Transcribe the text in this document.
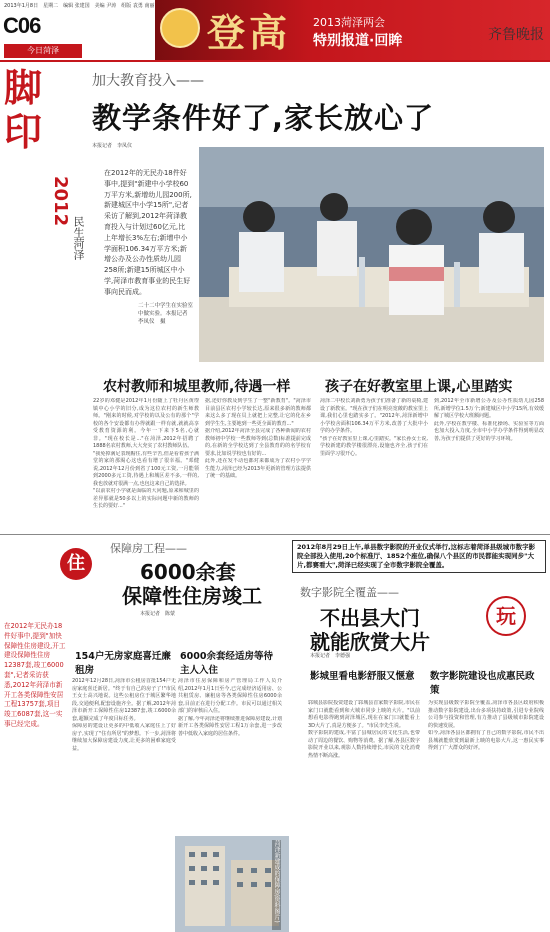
2013年1月8日　星期二　编辑 张建国　美编 尹涛　组版 袁勇 南丽
C06
今日菏泽	登高 2013菏泽两会
特别报道·回眸	齐鲁晚报
脚
印
2012
民生菏泽
加大教育投入——
教学条件好了,家长放心了
本报记者　李凤仪
在2012年的无民办18件好事中,提到"新建中小学校60万平方米,新增幼儿园200所,新建城区中小学15所",记者采访了解到,2012年菏泽教育投入与计划过60亿元,比上年增长3%左右;新增中小学面积106.34万平方米;新增公办及公办性质幼儿园258所;新建15所城区中小学,菏泽市教育事业的民生好事向民而成。
二十二中学生在实验室中做实验。本报记者　李凤仪　摄
农村教师和城里教师,待遇一样
22岁的邓健是2012年1月份随上了牡丹区黄堽镇中心小学的旧分,成为这位农村的新生师教师。"刚来的时候,对学校的以及公有的那个"学校的各个安设都有办得就跟一样有就,就就高享受教育资源的利。今年一下来下5名,心就非。"现在校长是..."在菏泽,2012年招聘了1888名农村教师,大大充实了农村教师队伍。
"我免掉满足表现帽住,有些辛苦,但是看着孩子满堂的家的那渴心这也看有增了很幸福。"邓健说,2012年12月份到省了100元工资,一月能领到2000多元工资,待遇上和城区差不多,一样的,我也放就对很满一点,也包这来自己的选择。
"以前农村小学就是面临的大问题,原来和城里的差异那就是50多以上的实际问题中新的教师的生长的要好..."
据,还好你教及到学生了一整"新教育"。"菏泽市目前县区农村小学较长达,原来很多新的教师都来这么多了现在员上就把上完整,让它的化在乡到学生生,主要地到一些更全面的教育..."
据介绍,2012年菏泽全县完成了各种新闻的农村教师初中学校一些教师等到(总数)标准提前完成的,在新的全学校达到了全县教育的的名学校有要求,比如说学校也有好的...
此外,还在发不动也都对来都成为了农村小学学生能力,菏泽已经为2013年更新的管理方法提供了统一的基础。
孩子在好教室里上课,心里踏实
菏泽二中校长刘新勇为孩子们准备了新的桌椅,建设了新教室。"现在孩子们在明亮宽敞的教室里上课,我们心里也踏实多了。"2012年,菏泽新增中小学校舍面积106.34万平方米,改善了大批中小学的办学条件。
"孩子在好教室里上课,心里踏实。"家长孙女士说,学校新建的教学楼很漂亮,设施也齐全,孩子们在里面学习很开心。
到,2012年全市新增公办及公办性质幼儿园258所,新增学位1.5万个;新建城区中小学15所,有效缓解了城区学校大班额问题。
此外,学校在教学楼、标准化操场、实验室等方面也加大投入力度,全市中小学办学条件得到明显改善,为孩子们提供了更好的学习环境。
住
保障房工程——
6000余套
保障性住房竣工
本报记者　陈蒙
在2012年无民办18件好事中,提到"加快保障性住房建设,开工建设保障性住房12387套,竣工6000套",记者采访获悉,2012年菏泽市新开工各类保障性安居工程13757套,项目竣工6087套,这一实事已经完成。
154户无房家庭喜迁廉租房
2012年12月28日,菏泽市公租房首批154户无房家庭喜迁新居。"终于有自己的房子了!"市民王女士高兴地说。这些公租房位于城区繁华地段,交通便利,配套设施齐全。据了解,2012年菏泽市新开工保障性住房12387套,竣工6000余套,超额完成了年度目标任务。
保障房的建设让更多的中低收入家庭住上了好房子,实现了"住有所居"的梦想。下一步,菏泽将继续加大保障房建设力度,让更多的困难家庭受益。
6000余套经适房等待主人入住
菏泽市住房保障和房产管理局工作人员介绍,2012年1月1日至今,已完成经济适用房、公共租赁房、廉租房等各类保障性住房6000余套,目前正在进行分配工作。市民可以通过相关部门的审核后入住。
据了解,今年菏泽还将继续推进保障房建设,计划新开工各类保障性安居工程1万余套,进一步改善中低收入家庭的居住条件。
菏泽新建成的保障房(资料图片)
2012年8月29日上午,单县数字影院的开业仪式举行,这标志着菏泽县级城市数字影院全部投入使用,20个标准厅、1852个座位,确保八个县区的市民都能实现同步"大片,都赛看大",菏泽已经实现了全市数字影院全覆盖。
数字影院全覆盖——
不出县大门
就能欣赏大片
本报记者　李德强
玩
影城里看电影舒服又惬意
郓城县影院投资建设了郓城县首家数字影院,市民在家门口就能看到和大城市同步上映的大片。"以前想看电影得跑到菏泽城区,现在在家门口就能看上3D大片了,真是方便多了。"市民李先生说。
数字影院的建成,丰富了县城居民的文化生活,也带动了周边的餐饮、购物等消费。据了解,各县区数字影院开业以来,观影人数持续增长,市民的文化消费热情不断高涨。
数字影院建设也成惠民政策
为实现县级数字影院全覆盖,菏泽市各县区政府积极推动数字影院建设,出台多项扶持政策,引进专业院线公司参与投资和管理,有力推动了县级城市影院建设的快速发展。
如今,菏泽各县区都拥有了自己的数字影院,市民不出县城就能欣赏到最新上映的电影大片,这一惠民实事得到了广大群众的好评。
